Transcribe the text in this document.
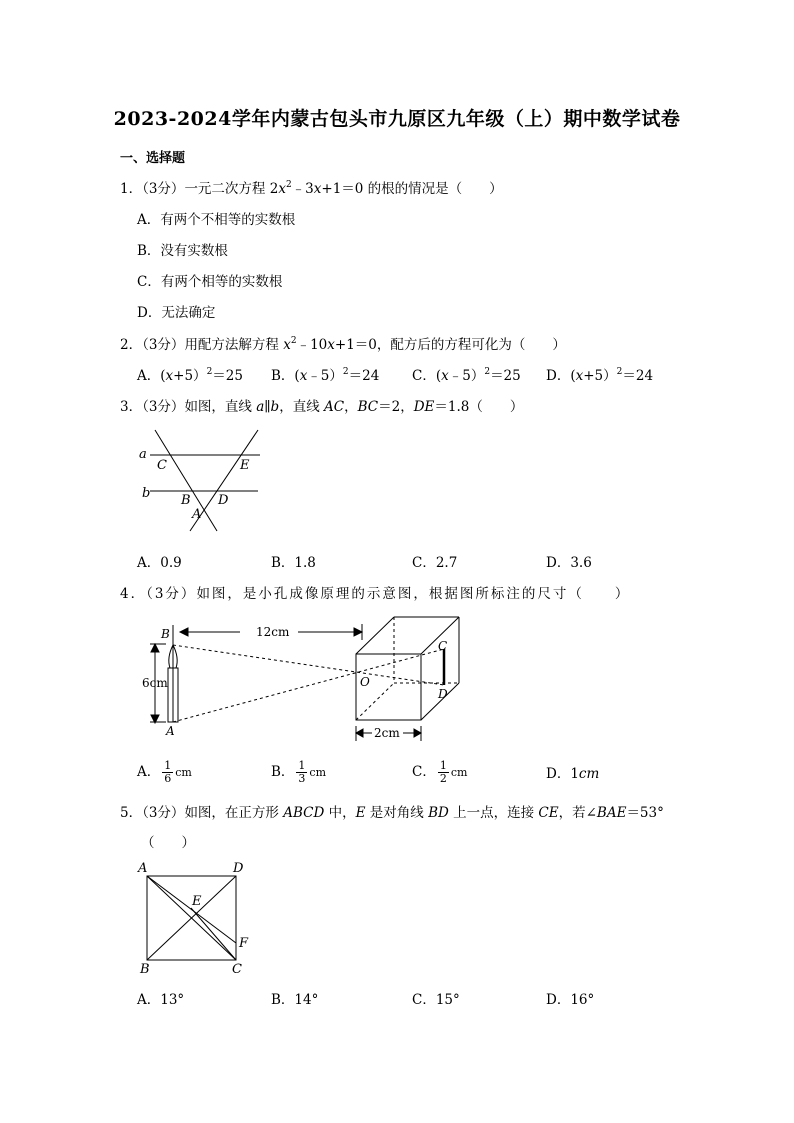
2023-2024学年内蒙古包头市九原区九年级（上）期中数学试卷
一、选择题
1．（3分）一元二次方程 $2x^2﹣3x+1=0$ 的根的情况是（　　）
A．有两个不相等的实数根
B．没有实数根
C．有两个相等的实数根
D．无法确定
2．（3分）用配方法解方程 $x^2﹣10x+1=0$，配方后的方程可化为（　　）
A．(x+5）$^2$＝25 B．(x﹣5）$^2$＝24 C．(x﹣5）$^2$＝25 D．(x+5）$^2$＝24
3．（3分）如图，直线 a∥b，直线 AC，BC＝2，DE＝1.8（　　）
a
C	E
b B D
A
A．0.9	B．1.8	C．2.7	D．3.6
4．（3分）如图，是小孔成像原理的示意图，根据图所标注的尺寸（　　）
B
A
C
D
O
12cm
6cm
2cm
A． $\frac{1}{6}$ cm	B． $\frac{1}{3}$ cm	C． $\frac{1}{2}$ cm	D．1cm
5．（3分）如图，在正方形 ABCD 中，E 是对角线 BD 上一点，连接 CE，若∠BAE＝53°
（　　）
A	D
E
F
B	C
A．13°	B．14°	C．15°	D．16°
